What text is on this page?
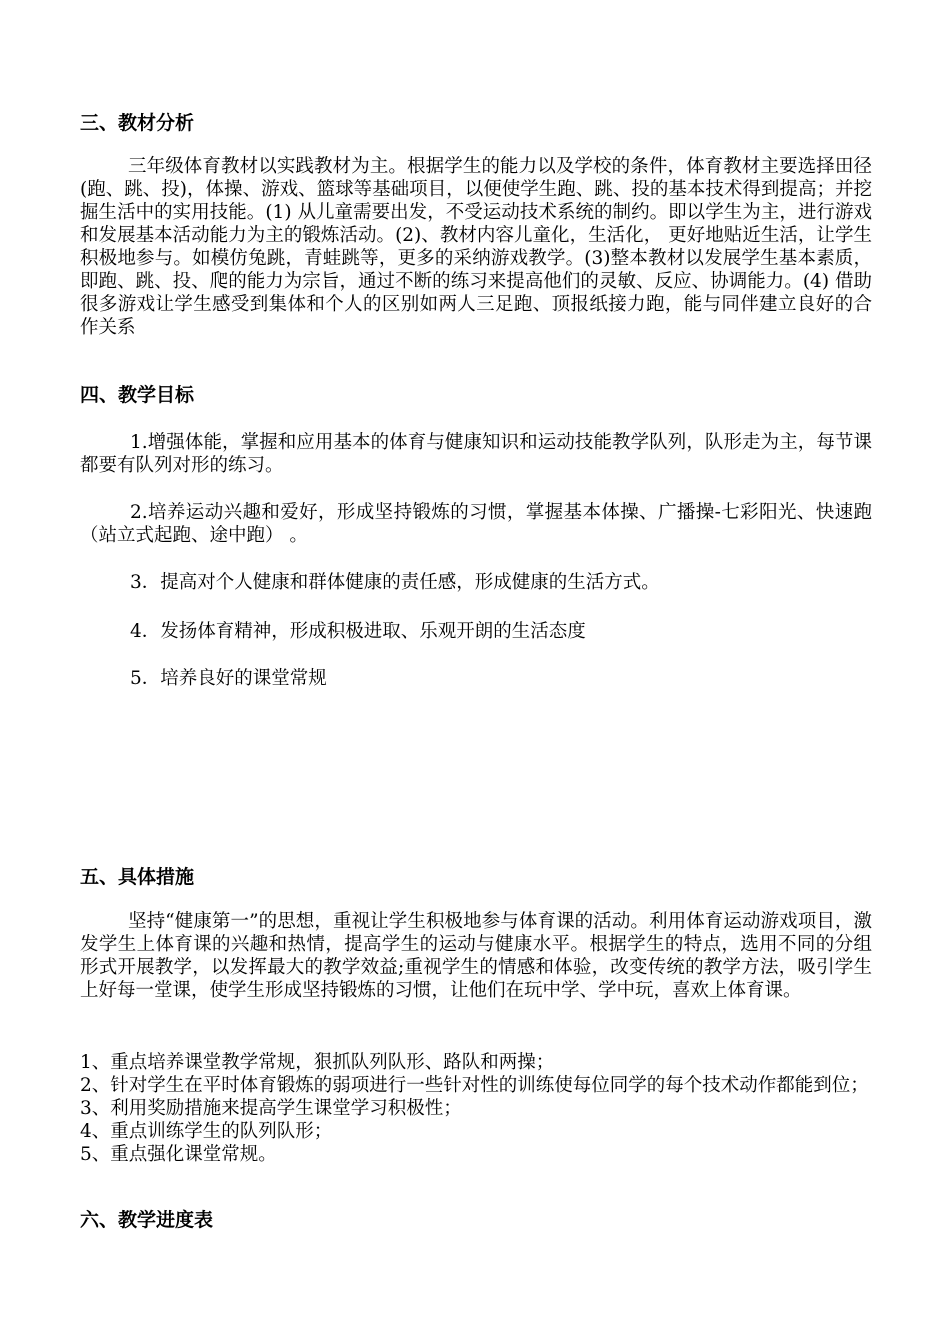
三、教材分析

三年级体育教材以实践教材为主。根据学生的能力以及学校的条件，体育教材主要选择田径(跑、跳、投)，体操、游戏、篮球等基础项目，以便使学生跑、跳、投的基本技术得到提高；并挖掘生活中的实用技能。(1) 从儿童需要出发，不受运动技术系统的制约。即以学生为主，进行游戏和发展基本活动能力为主的锻炼活动。(2)、教材内容儿童化，生活化， 更好地贴近生活，让学生积极地参与。如模仿兔跳，青蛙跳等，更多的采纳游戏教学。(3)整本教材以发展学生基本素质，即跑、跳、投、爬的能力为宗旨，通过不断的练习来提高他们的灵敏、反应、协调能力。(4) 借助很多游戏让学生感受到集体和个人的区别如两人三足跑、顶报纸接力跑，能与同伴建立良好的合作关系

四、教学目标

1.增强体能，掌握和应用基本的体育与健康知识和运动技能教学队列，队形走为主，每节课都要有队列对形的练习。

2.培养运动兴趣和爱好，形成坚持锻炼的习惯，掌握基本体操、广播操-七彩阳光、快速跑（站立式起跑、途中跑） 。

3．提高对个人健康和群体健康的责任感，形成健康的生活方式。

4．发扬体育精神，形成积极进取、乐观开朗的生活态度

5．培养良好的课堂常规

五、具体措施

坚持“健康第一”的思想，重视让学生积极地参与体育课的活动。利用体育运动游戏项目，激发学生上体育课的兴趣和热情，提高学生的运动与健康水平。根据学生的特点，选用不同的分组形式开展教学，以发挥最大的教学效益;重视学生的情感和体验，改变传统的教学方法，吸引学生上好每一堂课，使学生形成坚持锻炼的习惯，让他们在玩中学、学中玩，喜欢上体育课。

1、重点培养课堂教学常规，狠抓队列队形、路队和两操；
2、针对学生在平时体育锻炼的弱项进行一些针对性的训练使每位同学的每个技术动作都能到位；
3、利用奖励措施来提高学生课堂学习积极性；
4、重点训练学生的队列队形；
5、重点强化课堂常规。
六、教学进度表
